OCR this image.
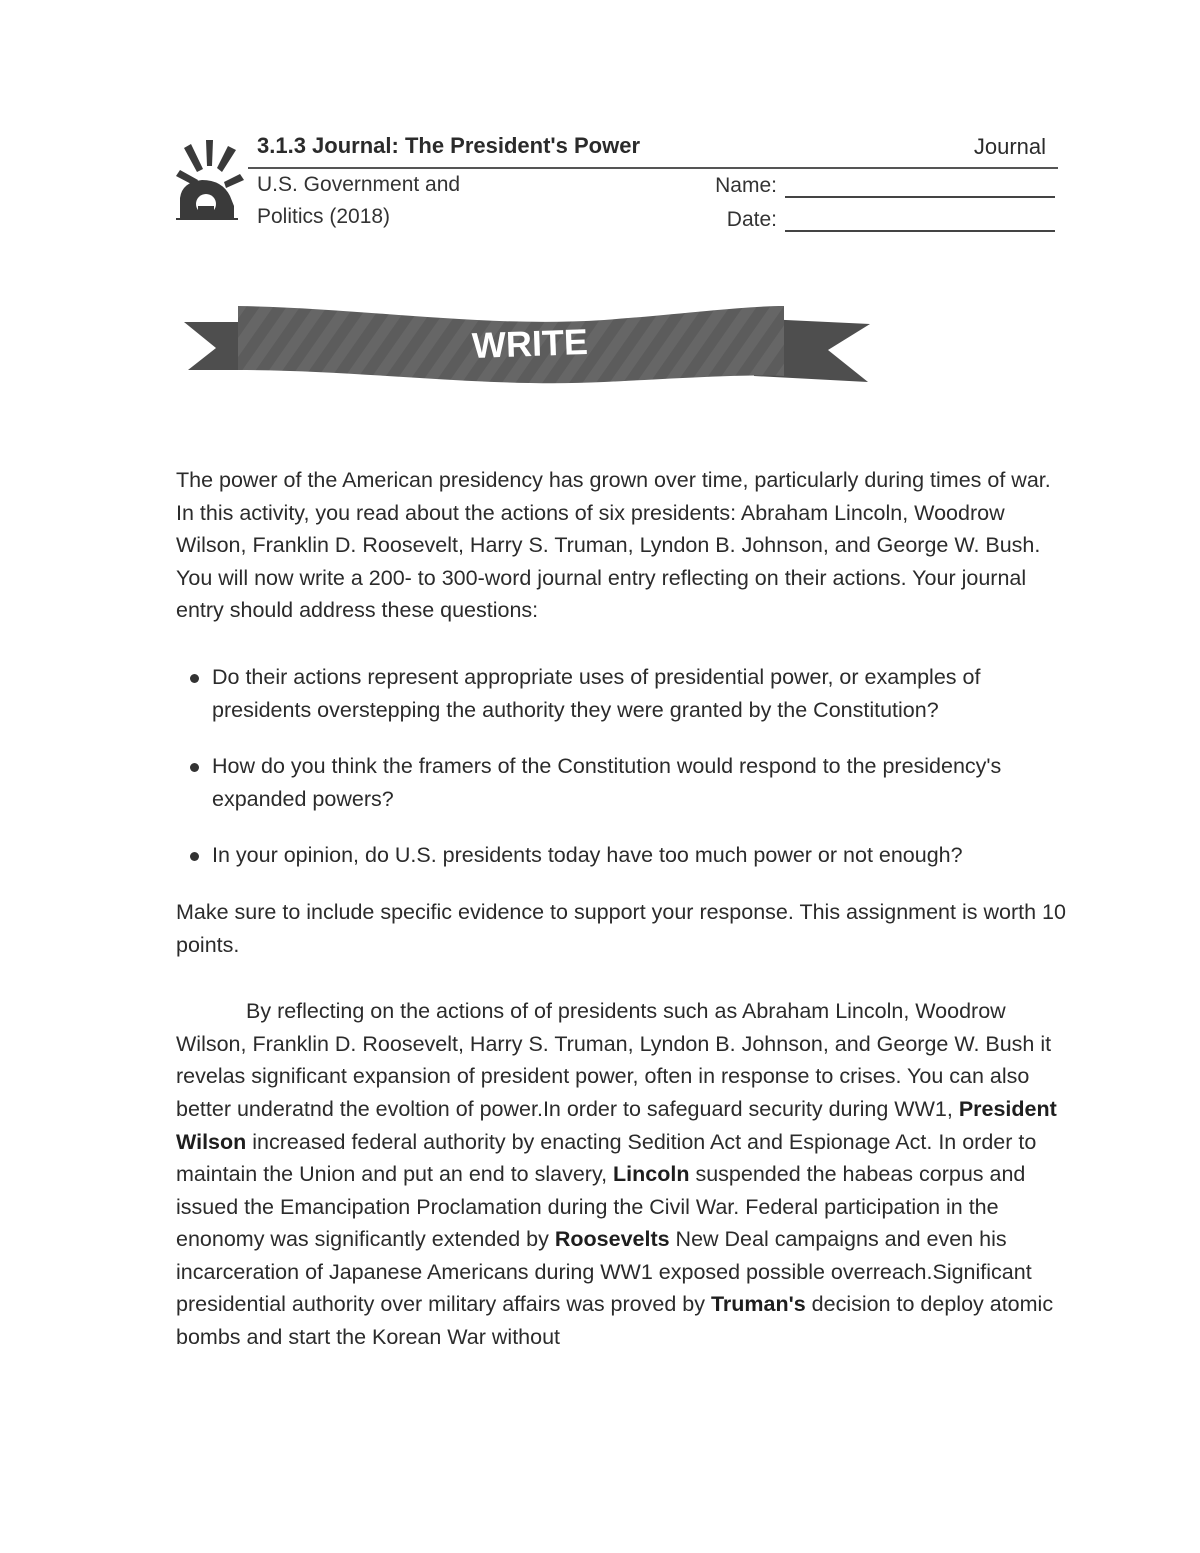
3.1.3 Journal: The President's Power	Journal
U.S. Government and
Politics (2018)
Name:
Date:
WRITE

The power of the American presidency has grown over time, particularly during times of war. In this activity, you read about the actions of six presidents: Abraham Lincoln, Woodrow Wilson, Franklin D. Roosevelt, Harry S. Truman, Lyndon B. Johnson, and George W. Bush. You will now write a 200- to 300-word journal entry reflecting on their actions. Your journal entry should address these questions:

Do their actions represent appropriate uses of presidential power, or examples of presidents overstepping the authority they were granted by the Constitution?
How do you think the framers of the Constitution would respond to the presidency's expanded powers?
In your opinion, do U.S. presidents today have too much power or not enough?

Make sure to include specific evidence to support your response. This assignment is worth 10 points.

By reflecting on the actions of of presidents such as Abraham Lincoln, Woodrow Wilson, Franklin D. Roosevelt, Harry S. Truman, Lyndon B. Johnson, and George W. Bush it revelas significant expansion of president power, often in response to crises. You can also better underatnd the evoltion of power.In order to safeguard security during WW1, President Wilson increased federal authority by enacting Sedition Act and Espionage Act. In order to maintain the Union and put an end to slavery, Lincoln suspended the habeas corpus and issued the Emancipation Proclamation during the Civil War. Federal participation in the enonomy was significantly extended by Roosevelts New Deal campaigns and even his incarceration of Japanese Americans during WW1 exposed possible overreach.Significant presidential authority over military affairs was proved by Truman's decision to deploy atomic bombs and start the Korean War without
